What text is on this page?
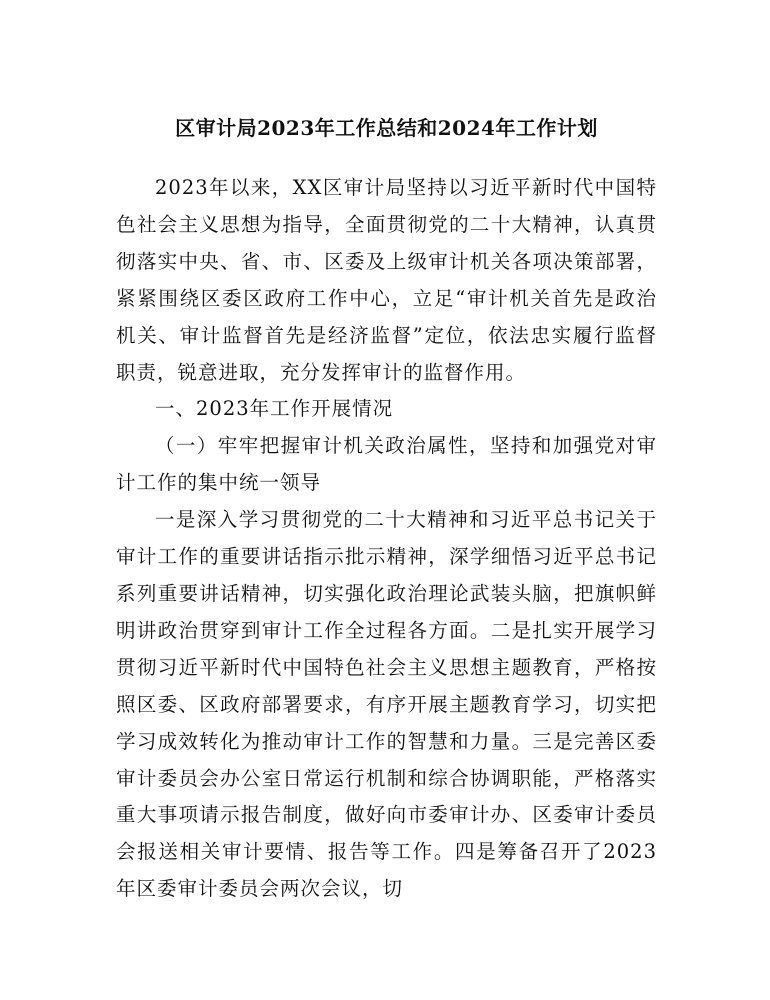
区审计局2023年工作总结和2024年工作计划

2023年以来，XX区审计局坚持以习近平新时代中国特色社会主义思想为指导，全面贯彻党的二十大精神，认真贯彻落实中央、省、市、区委及上级审计机关各项决策部署，紧紧围绕区委区政府工作中心，立足“审计机关首先是政治机关、审计监督首先是经济监督”定位，依法忠实履行监督职责，锐意进取，充分发挥审计的监督作用。

一、2023年工作开展情况

（一）牢牢把握审计机关政治属性，坚持和加强党对审计工作的集中统一领导

一是深入学习贯彻党的二十大精神和习近平总书记关于审计工作的重要讲话指示批示精神，深学细悟习近平总书记系列重要讲话精神，切实强化政治理论武装头脑，把旗帜鲜明讲政治贯穿到审计工作全过程各方面。二是扎实开展学习贯彻习近平新时代中国特色社会主义思想主题教育，严格按照区委、区政府部署要求，有序开展主题教育学习，切实把学习成效转化为推动审计工作的智慧和力量。三是完善区委审计委员会办公室日常运行机制和综合协调职能，严格落实重大事项请示报告制度，做好向市委审计办、区委审计委员会报送相关审计要情、报告等工作。四是筹备召开了2023年区委审计委员会两次会议，切
